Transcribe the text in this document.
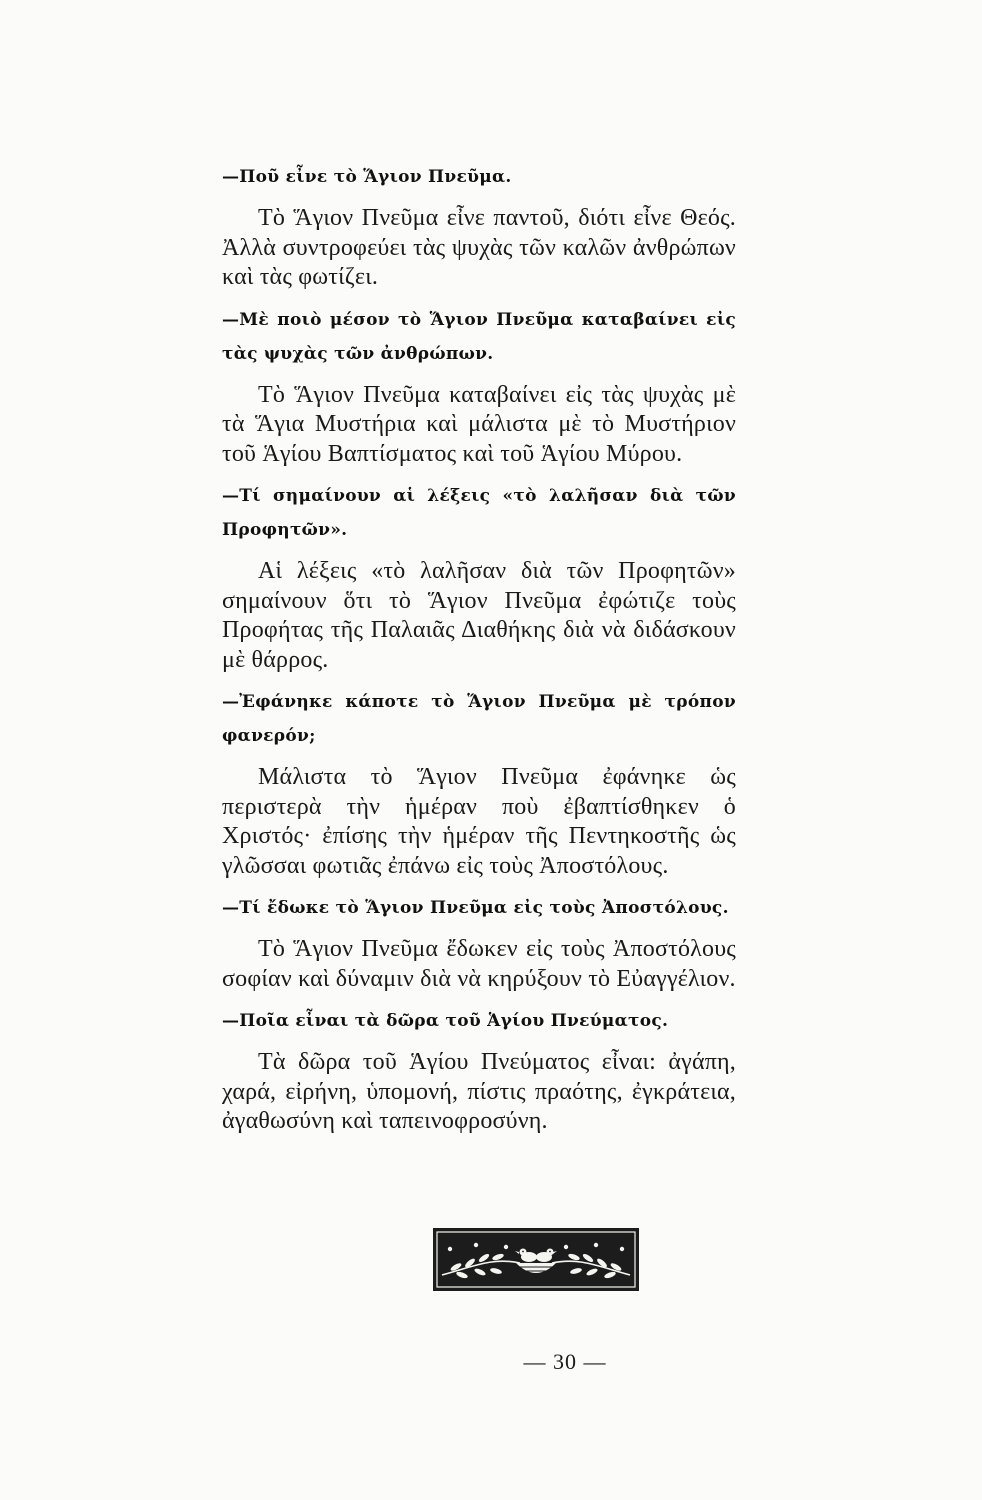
—Ποῦ εἶνε τὸ Ἅγιον Πνεῦμα.

Τὸ Ἅγιον Πνεῦμα εἶνε παντοῦ, διότι εἶνε Θεός. Ἀλλὰ συντροφεύει τὰς ψυχὰς τῶν καλῶν ἀνθρώπων καὶ τὰς φωτίζει.

—Μὲ ποιὸ μέσον τὸ Ἅγιον Πνεῦμα καταβαίνει εἰς τὰς ψυχὰς τῶν ἀνθρώπων.

Τὸ Ἅγιον Πνεῦμα καταβαίνει εἰς τὰς ψυχὰς μὲ τὰ Ἅγια Μυστήρια καὶ μάλιστα μὲ τὸ Μυστήριον τοῦ Ἁγίου Βαπτίσματος καὶ τοῦ Ἁγίου Μύρου.

—Τί σημαίνουν αἱ λέξεις «τὸ λαλῆσαν διὰ τῶν Προφητῶν».

Αἱ λέξεις «τὸ λαλῆσαν διὰ τῶν Προφητῶν» σημαίνουν ὅτι τὸ Ἅγιον Πνεῦμα ἐφώτιζε τοὺς Προφήτας τῆς Παλαιᾶς Διαθήκης διὰ νὰ διδάσκουν μὲ θάρρος.

—Ἐφάνηκε κάποτε τὸ Ἅγιον Πνεῦμα μὲ τρόπον φανερόν;

Μάλιστα τὸ Ἅγιον Πνεῦμα ἐφάνηκε ὡς περιστερὰ τὴν ἡμέραν ποὺ ἐβαπτίσθηκεν ὁ Χριστός· ἐπίσης τὴν ἡμέραν τῆς Πεντηκοστῆς ὡς γλῶσσαι φωτιᾶς ἐπάνω εἰς τοὺς Ἀποστόλους.

—Τί ἔδωκε τὸ Ἅγιον Πνεῦμα εἰς τοὺς Ἀποστόλους.

Τὸ Ἅγιον Πνεῦμα ἔδωκεν εἰς τοὺς Ἀποστόλους σοφίαν καὶ δύναμιν διὰ νὰ κηρύξουν τὸ Εὐαγγέλιον.

—Ποῖα εἶναι τὰ δῶρα τοῦ Ἁγίου Πνεύματος.

Τὰ δῶρα τοῦ Ἁγίου Πνεύματος εἶναι: ἀγάπη, χαρά, εἰρήνη, ὑπομονή, πίστις πραότης, ἐγκράτεια, ἀγαθωσύνη καὶ ταπεινοφροσύνη.

— 30 —
